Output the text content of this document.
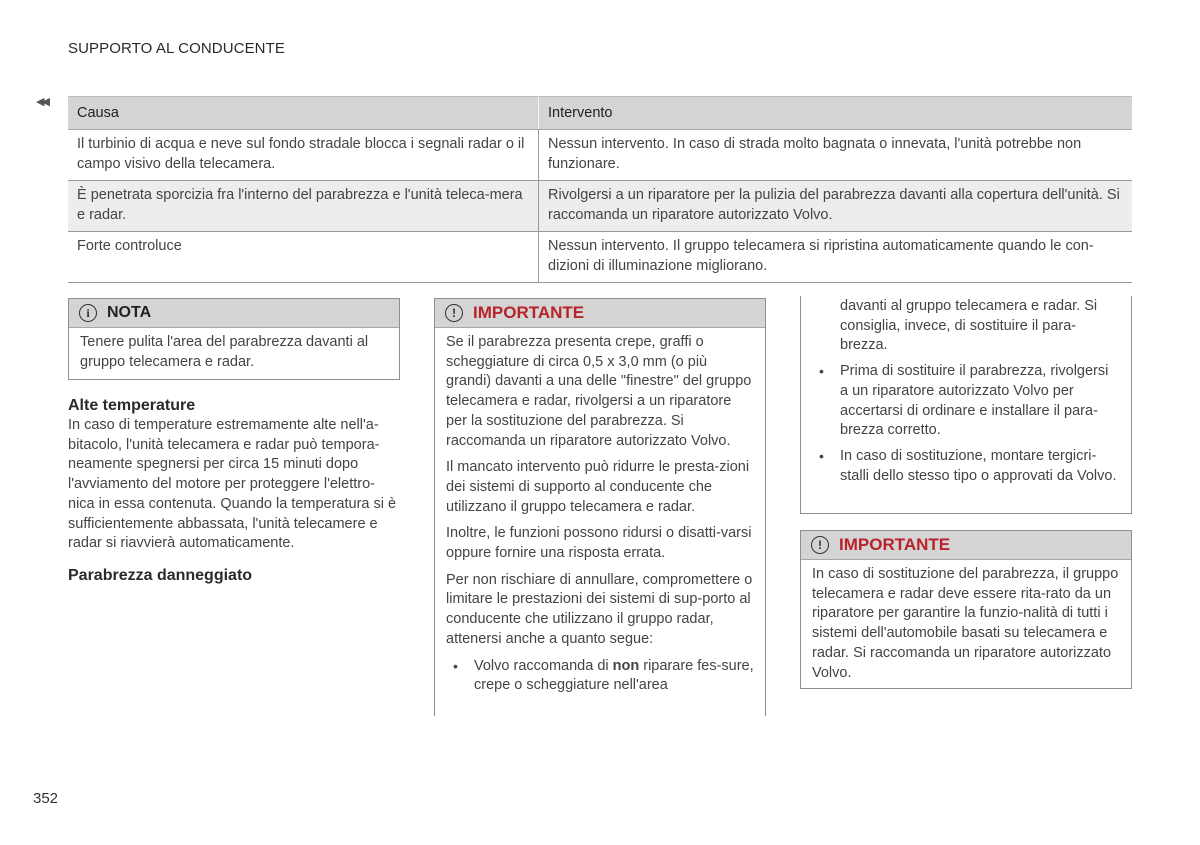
SUPPORTO AL CONDUCENTE
◀◀
Causa	Intervento
Il turbinio di acqua e neve sul fondo stradale blocca i segnali radar o il campo visivo della telecamera.	Nessun intervento. In caso di strada molto bagnata o innevata, l'unità potrebbe non funzionare.
È penetrata sporcizia fra l'interno del parabrezza e l'unità teleca-mera e radar.	Rivolgersi a un riparatore per la pulizia del parabrezza davanti alla copertura dell'unità. Si raccomanda un riparatore autorizzato Volvo.
Forte controluce	Nessun intervento. Il gruppo telecamera si ripristina automaticamente quando le con-dizioni di illuminazione migliorano.
i	NOTA
Tenere pulita l'area del parabrezza davanti al gruppo telecamera e radar.
Alte temperature
In caso di temperature estremamente alte nell'a-bitacolo, l'unità telecamera e radar può tempora-neamente spegnersi per circa 15 minuti dopo l'avviamento del motore per proteggere l'elettro-nica in essa contenuta. Quando la temperatura si è sufficientemente abbassata, l'unità telecamere e radar si riavvierà automaticamente.
Parabrezza danneggiato
!	IMPORTANTE

Se il parabrezza presenta crepe, graffi o scheggiature di circa 0,5 x 3,0 mm (o più grandi) davanti a una delle "finestre" del gruppo telecamera e radar, rivolgersi a un riparatore per la sostituzione del parabrezza. Si raccomanda un riparatore autorizzato Volvo.

Il mancato intervento può ridurre le presta-zioni dei sistemi di supporto al conducente che utilizzano il gruppo telecamera e radar.

Inoltre, le funzioni possono ridursi o disatti-varsi oppure fornire una risposta errata.

Per non rischiare di annullare, compromettere o limitare le prestazioni dei sistemi di sup-porto al conducente che utilizzano il gruppo radar, attenersi anche a quanto segue:

• Volvo raccomanda di non riparare fes-sure, crepe o scheggiature nell'area
davanti al gruppo telecamera e radar. Si consiglia, invece, di sostituire il para-brezza.
• Prima di sostituire il parabrezza, rivolgersi a un riparatore autorizzato Volvo per accertarsi di ordinare e installare il para-brezza corretto.
• In caso di sostituzione, montare tergicri-stalli dello stesso tipo o approvati da Volvo.
!	IMPORTANTE
In caso di sostituzione del parabrezza, il gruppo telecamera e radar deve essere rita-rato da un riparatore per garantire la funzio-nalità di tutti i sistemi dell'automobile basati su telecamera e radar. Si raccomanda un riparatore autorizzato Volvo.
352
